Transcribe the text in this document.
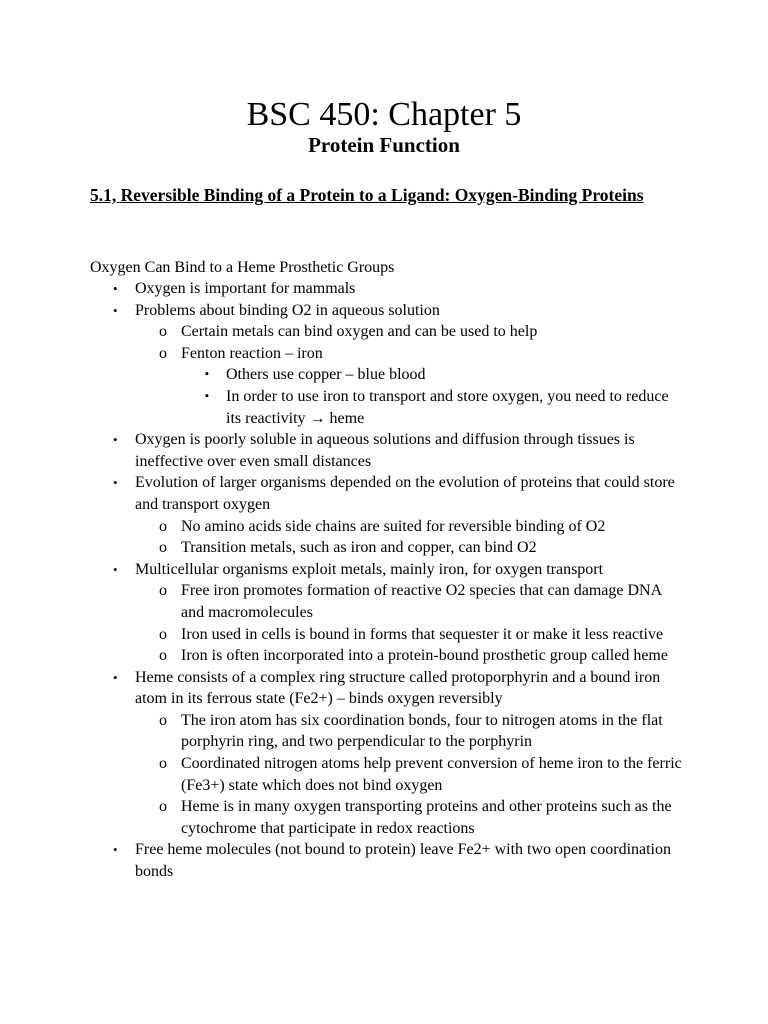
BSC 450: Chapter 5
Protein Function
5.1, Reversible Binding of a Protein to a Ligand: Oxygen-Binding Proteins

Oxygen Can Bind to a Heme Prosthetic Groups

• Oxygen is important for mammals
• Problems about binding O2 in aqueous solution
o Certain metals can bind oxygen and can be used to help
o Fenton reaction – iron
▪ Others use copper – blue blood
▪ In order to use iron to transport and store oxygen, you need to reduce its reactivity → heme
• Oxygen is poorly soluble in aqueous solutions and diffusion through tissues is ineffective over even small distances
• Evolution of larger organisms depended on the evolution of proteins that could store and transport oxygen
o No amino acids side chains are suited for reversible binding of O2
o Transition metals, such as iron and copper, can bind O2
• Multicellular organisms exploit metals, mainly iron, for oxygen transport
o Free iron promotes formation of reactive O2 species that can damage DNA and macromolecules
o Iron used in cells is bound in forms that sequester it or make it less reactive
o Iron is often incorporated into a protein-bound prosthetic group called heme
• Heme consists of a complex ring structure called protoporphyrin and a bound iron atom in its ferrous state (Fe2+) – binds oxygen reversibly
o The iron atom has six coordination bonds, four to nitrogen atoms in the flat porphyrin ring, and two perpendicular to the porphyrin
o Coordinated nitrogen atoms help prevent conversion of heme iron to the ferric (Fe3+) state which does not bind oxygen
o Heme is in many oxygen transporting proteins and other proteins such as the cytochrome that participate in redox reactions
• Free heme molecules (not bound to protein) leave Fe2+ with two open coordination bonds
